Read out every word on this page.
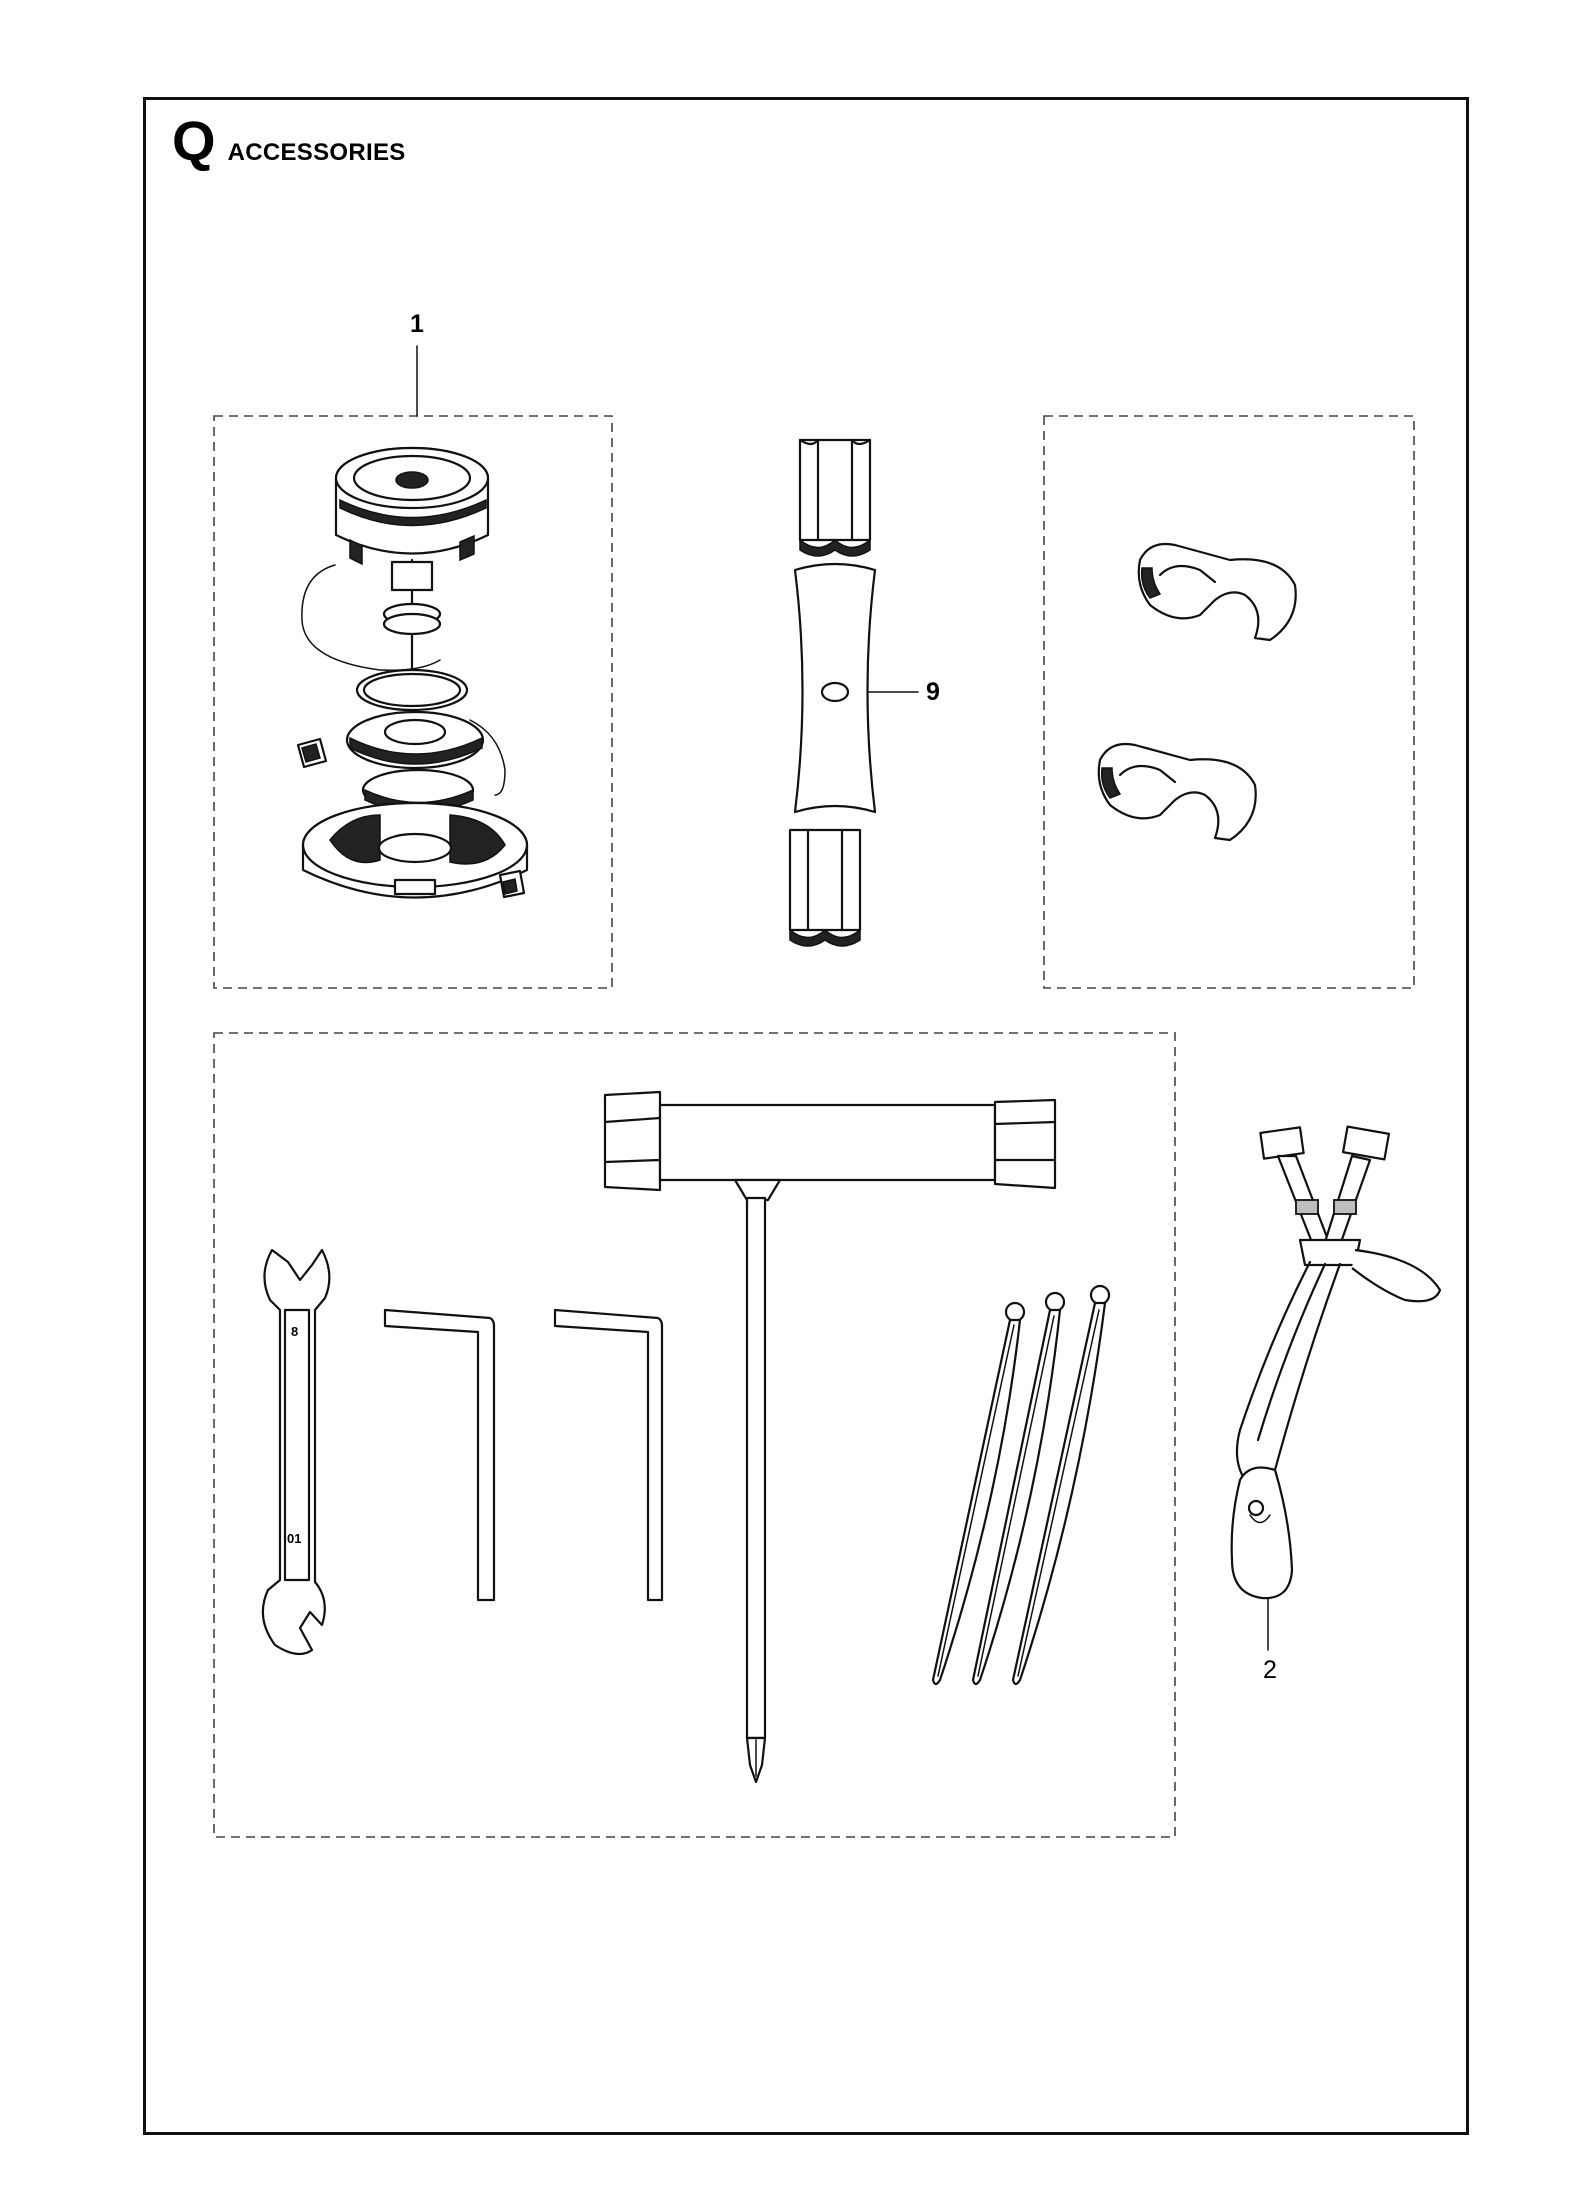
Q ACCESSORIES
1
9
2
8
01
